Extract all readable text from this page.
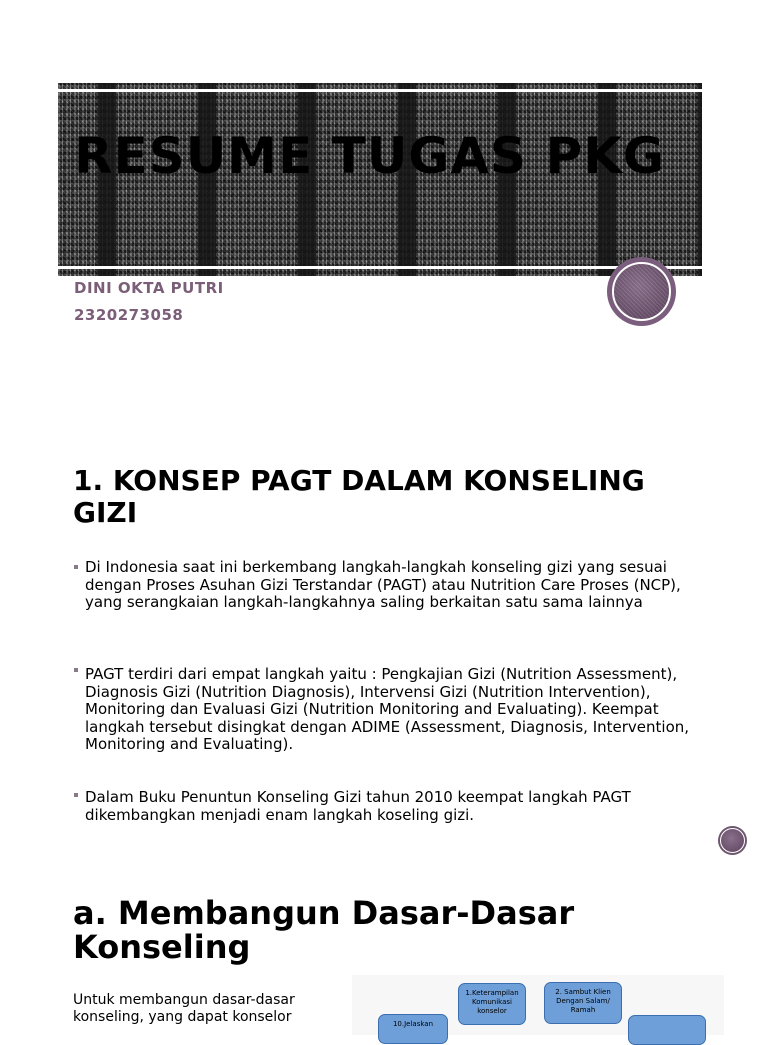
RESUME TUGAS PKG
DINI OKTA PUTRI
2320273058
1. KONSEP PAGT DALAM KONSELING GIZI
Di Indonesia saat ini berkembang langkah-langkah konseling gizi yang sesuai dengan Proses Asuhan Gizi Terstandar (PAGT) atau Nutrition Care Proses (NCP), yang serangkaian langkah-langkahnya saling berkaitan satu sama lainnya
PAGT terdiri dari empat langkah yaitu : Pengkajian Gizi (Nutrition Assessment), Diagnosis Gizi (Nutrition Diagnosis), Intervensi Gizi (Nutrition Intervention), Monitoring dan Evaluasi Gizi (Nutrition Monitoring and Evaluating). Keempat langkah tersebut disingkat dengan ADIME (Assessment, Diagnosis, Intervention, Monitoring and Evaluating).
Dalam Buku Penuntun Konseling Gizi tahun 2010 keempat langkah PAGT dikembangkan menjadi enam langkah koseling gizi.
a. Membangun Dasar-Dasar Konseling
Untuk membangun dasar-dasar konseling, yang dapat konselor
1.Keterampilan Komunikasi konselor
2. Sambut Klien Dengan Salam/ Ramah
10.Jelaskan
